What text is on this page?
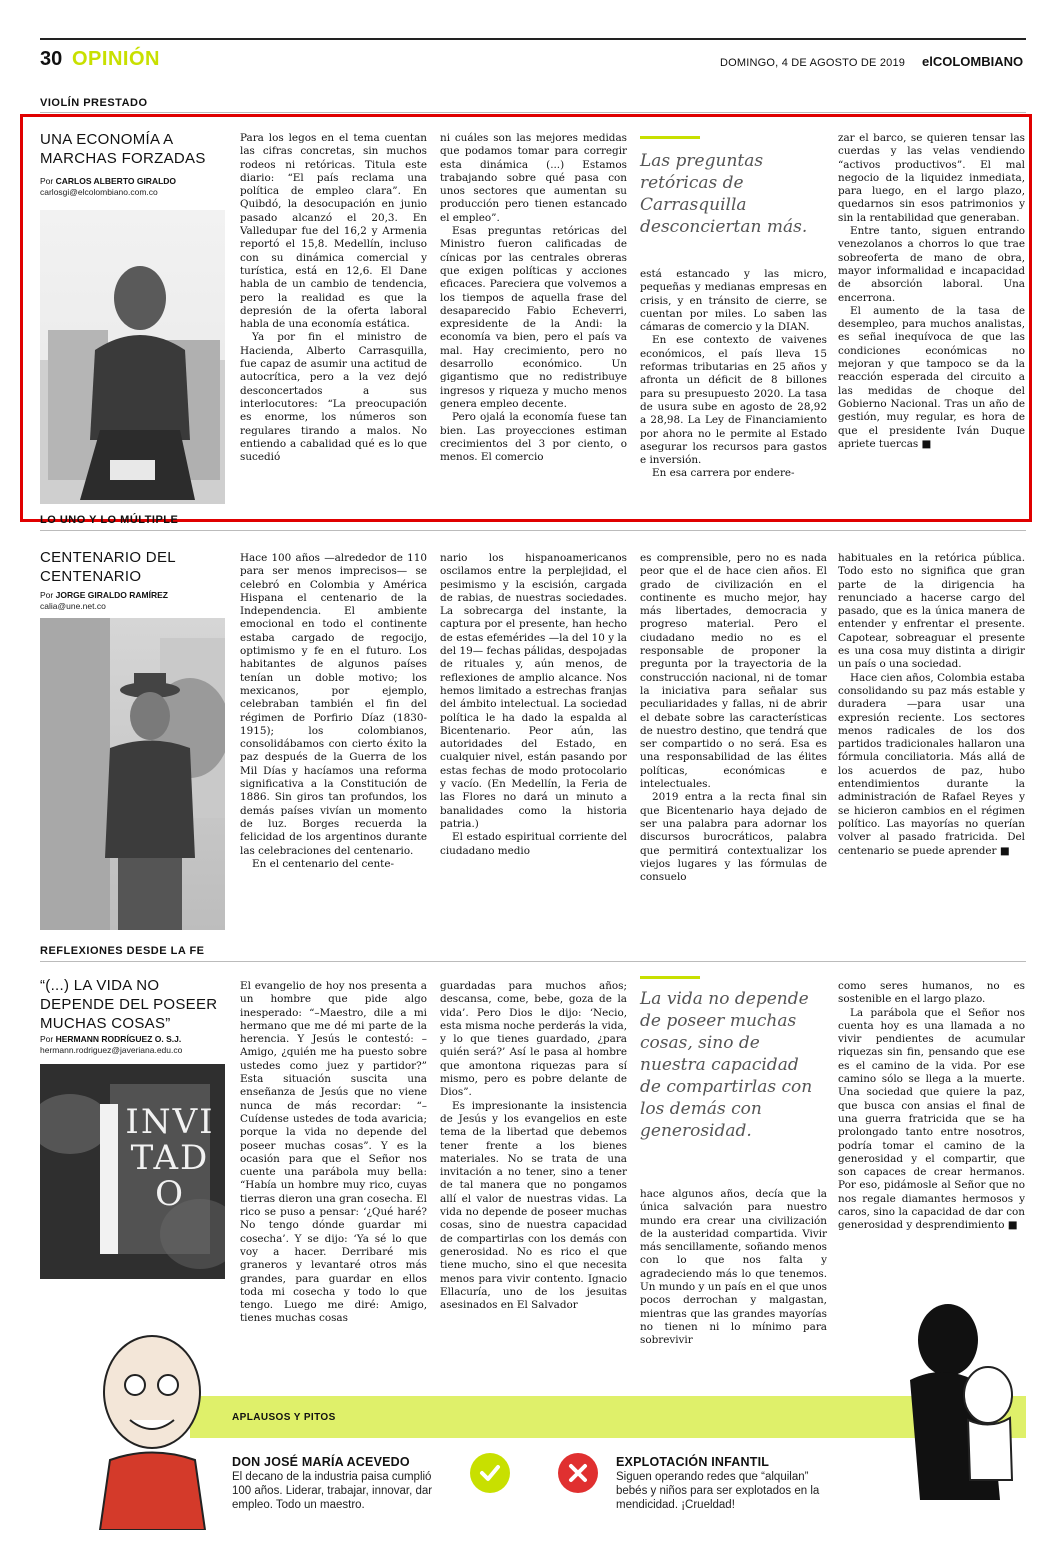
30 OPINIÓN	DOMINGO, 4 DE AGOSTO DE 2019 elCOLOMBIANO
VIOLÍN PRESTADO
UNA ECONOMÍA A MARCHAS FORZADAS
Por CARLOS ALBERTO GIRALDO
carlosgi@elcolombiano.com.co

Para los legos en el tema cuentan las cifras concretas, sin muchos rodeos ni retóricas. Titula este diario: “El país reclama una política de empleo clara”. En Quibdó, la desocupación en junio pasado alcanzó el 20,3. En Valledupar fue del 16,2 y Armenia reportó el 15,8. Medellín, incluso con su dinámica comercial y turística, está en 12,6. El Dane habla de un cambio de tendencia, pero la realidad es que la depresión de la oferta laboral habla de una economía estática.

Ya por fin el ministro de Hacienda, Alberto Carrasquilla, fue capaz de asumir una actitud de autocrítica, pero a la vez dejó desconcertados a sus interlocutores: “La preocupación es enorme, los números son regulares tirando a malos. No entiendo a cabalidad qué es lo que sucedió

ni cuáles son las mejores medidas que podamos tomar para corregir esta dinámica (...) Estamos trabajando sobre qué pasa con unos sectores que aumentan su producción pero tienen estancado el empleo”.

Esas preguntas retóricas del Ministro fueron calificadas de cínicas por las centrales obreras que exigen políticas y acciones eficaces. Pareciera que volvemos a los tiempos de aquella frase del desaparecido Fabio Echeverri, expresidente de la Andi: la economía va bien, pero el país va mal. Hay crecimiento, pero no desarrollo económico. Un gigantismo que no redistribuye ingresos y riqueza y mucho menos genera empleo decente.

Pero ojalá la economía fuese tan bien. Las proyecciones estiman crecimientos del 3 por ciento, o menos. El comercio

Las preguntas retóricas de Carrasquilla desconciertan más.

está estancado y las micro, pequeñas y medianas empresas en crisis, y en tránsito de cierre, se cuentan por miles. Lo saben las cámaras de comercio y la DIAN.

En ese contexto de vaivenes económicos, el país lleva 15 reformas tributarias en 25 años y afronta un déficit de 8 billones para su presupuesto 2020. La tasa de usura sube en agosto de 28,92 a 28,98. La Ley de Financiamiento por ahora no le permite al Estado asegurar los recursos para gastos e inversión.

En esa carrera por endere-

zar el barco, se quieren tensar las cuerdas y las velas vendiendo “activos productivos”. El mal negocio de la liquidez inmediata, para luego, en el largo plazo, quedarnos sin esos patrimonios y sin la rentabilidad que generaban.

Entre tanto, siguen entrando venezolanos a chorros lo que trae sobreoferta de mano de obra, mayor informalidad e incapacidad de absorción laboral. Una encerrona.

El aumento de la tasa de desempleo, para muchos analistas, es señal inequívoca de que las condiciones económicas no mejoran y que tampoco se da la reacción esperada del circuito a las medidas de choque del Gobierno Nacional. Tras un año de gestión, muy regular, es hora de que el presidente Iván Duque apriete tuercas ■

LO UNO Y LO MÚLTIPLE
CENTENARIO DEL CENTENARIO
Por JORGE GIRALDO RAMÍREZ
calia@une.net.co

Hace 100 años —alrededor de 110 para ser menos imprecisos— se celebró en Colombia y América Hispana el centenario de la Independencia. El ambiente emocional en todo el continente estaba cargado de regocijo, optimismo y fe en el futuro. Los habitantes de algunos países tenían un doble motivo; los mexicanos, por ejemplo, celebraban también el fin del régimen de Porfirio Díaz (1830-1915); los colombianos, consolidábamos con cierto éxito la paz después de la Guerra de los Mil Días y hacíamos una reforma significativa a la Constitución de 1886. Sin giros tan profundos, los demás países vivían un momento de luz. Borges recuerda la felicidad de los argentinos durante las celebraciones del centenario.

En el centenario del cente-

nario los hispanoamericanos oscilamos entre la perplejidad, el pesimismo y la escisión, cargada de rabias, de nuestras sociedades. La sobrecarga del instante, la captura por el presente, han hecho de estas efemérides —la del 10 y la del 19— fechas pálidas, despojadas de rituales y, aún menos, de reflexiones de amplio alcance. Nos hemos limitado a estrechas franjas del ámbito intelectual. La sociedad política le ha dado la espalda al Bicentenario. Peor aún, las autoridades del Estado, en cualquier nivel, están pasando por estas fechas de modo protocolario y vacío. (En Medellín, la Feria de las Flores no dará un minuto a banalidades como la historia patria.)

El estado espiritual corriente del ciudadano medio

es comprensible, pero no es nada peor que el de hace cien años. El grado de civilización en el continente es mucho mejor, hay más libertades, democracia y progreso material. Pero el ciudadano medio no es el responsable de proponer la pregunta por la trayectoria de la construcción nacional, ni de tomar la iniciativa para señalar sus peculiaridades y fallas, ni de abrir el debate sobre las características de nuestro destino, que tendrá que ser compartido o no será. Esa es una responsabilidad de las élites políticas, económicas e intelectuales.

2019 entra a la recta final sin que Bicentenario haya dejado de ser una palabra para adornar los discursos burocráticos, palabra que permitirá contextualizar los viejos lugares y las fórmulas de consuelo

habituales en la retórica pública. Todo esto no significa que gran parte de la dirigencia ha renunciado a hacerse cargo del pasado, que es la única manera de entender y enfrentar el presente. Capotear, sobreaguar el presente es una cosa muy distinta a dirigir un país o una sociedad.

Hace cien años, Colombia estaba consolidando su paz más estable y duradera —para usar una expresión reciente. Los sectores menos radicales de los dos partidos tradicionales hallaron una fórmula conciliatoria. Más allá de los acuerdos de paz, hubo entendimientos durante la administración de Rafael Reyes y se hicieron cambios en el régimen político. Las mayorías no querían volver al pasado fratricida. Del centenario se puede aprender ■

REFLEXIONES DESDE LA FE
“(...) LA VIDA NO DEPENDE DEL POSEER MUCHAS COSAS”
Por HERMANN RODRÍGUEZ O. S.J.
hermann.rodriguez@javeriana.edu.co
INVITADO

El evangelio de hoy nos presenta a un hombre que pide algo inesperado: “–Maestro, dile a mi hermano que me dé mi parte de la herencia. Y Jesús le contestó: –Amigo, ¿quién me ha puesto sobre ustedes como juez y partidor?” Esta situación suscita una enseñanza de Jesús que no viene nunca de más recordar: “–Cuídense ustedes de toda avaricia; porque la vida no depende del poseer muchas cosas”. Y es la ocasión para que el Señor nos cuente una parábola muy bella: “Había un hombre muy rico, cuyas tierras dieron una gran cosecha. El rico se puso a pensar: ‘¿Qué haré? No tengo dónde guardar mi cosecha’. Y se dijo: ‘Ya sé lo que voy a hacer. Derribaré mis graneros y levantaré otros más grandes, para guardar en ellos toda mi cosecha y todo lo que tengo. Luego me diré: Amigo, tienes muchas cosas

guardadas para muchos años; descansa, come, bebe, goza de la vida’. Pero Dios le dijo: ‘Necio, esta misma noche perderás la vida, y lo que tienes guardado, ¿para quién será?’ Así le pasa al hombre que amontona riquezas para sí mismo, pero es pobre delante de Dios”.

Es impresionante la insistencia de Jesús y los evangelios en este tema de la libertad que debemos tener frente a los bienes materiales. No se trata de una invitación a no tener, sino a tener de tal manera que no pongamos allí el valor de nuestras vidas. La vida no depende de poseer muchas cosas, sino de nuestra capacidad de compartirlas con los demás con generosidad. No es rico el que tiene mucho, sino el que necesita menos para vivir contento. Ignacio Ellacuría, uno de los jesuitas asesinados en El Salvador

La vida no depende de poseer muchas cosas, sino de nuestra capacidad de compartirlas con los demás con generosidad.

hace algunos años, decía que la única salvación para nuestro mundo era crear una civilización de la austeridad compartida. Vivir más sencillamente, soñando menos con lo que nos falta y agradeciendo más lo que tenemos. Un mundo y un país en el que unos pocos derrochan y malgastan, mientras que las grandes mayorías no tienen ni lo mínimo para sobrevivir

como seres humanos, no es sostenible en el largo plazo.

La parábola que el Señor nos cuenta hoy es una llamada a no vivir pendientes de acumular riquezas sin fin, pensando que ese es el camino de la vida. Por ese camino sólo se llega a la muerte. Una sociedad que quiere la paz, que busca con ansias el final de una guerra fratricida que se ha prolongado tanto entre nosotros, podría tomar el camino de la generosidad y el compartir, que son capaces de crear hermanos. Por eso, pidámosle al Señor que no nos regale diamantes hermosos y caros, sino la capacidad de dar con generosidad y desprendimiento ■

APLAUSOS Y PITOS
DON JOSÉ MARÍA ACEVEDO
El decano de la industria paisa cumplió 100 años. Liderar, trabajar, innovar, dar empleo. Todo un maestro.
EXPLOTACIÓN INFANTIL
Siguen operando redes que “alquilan” bebés y niños para ser explotados en la mendicidad. ¡Crueldad!
